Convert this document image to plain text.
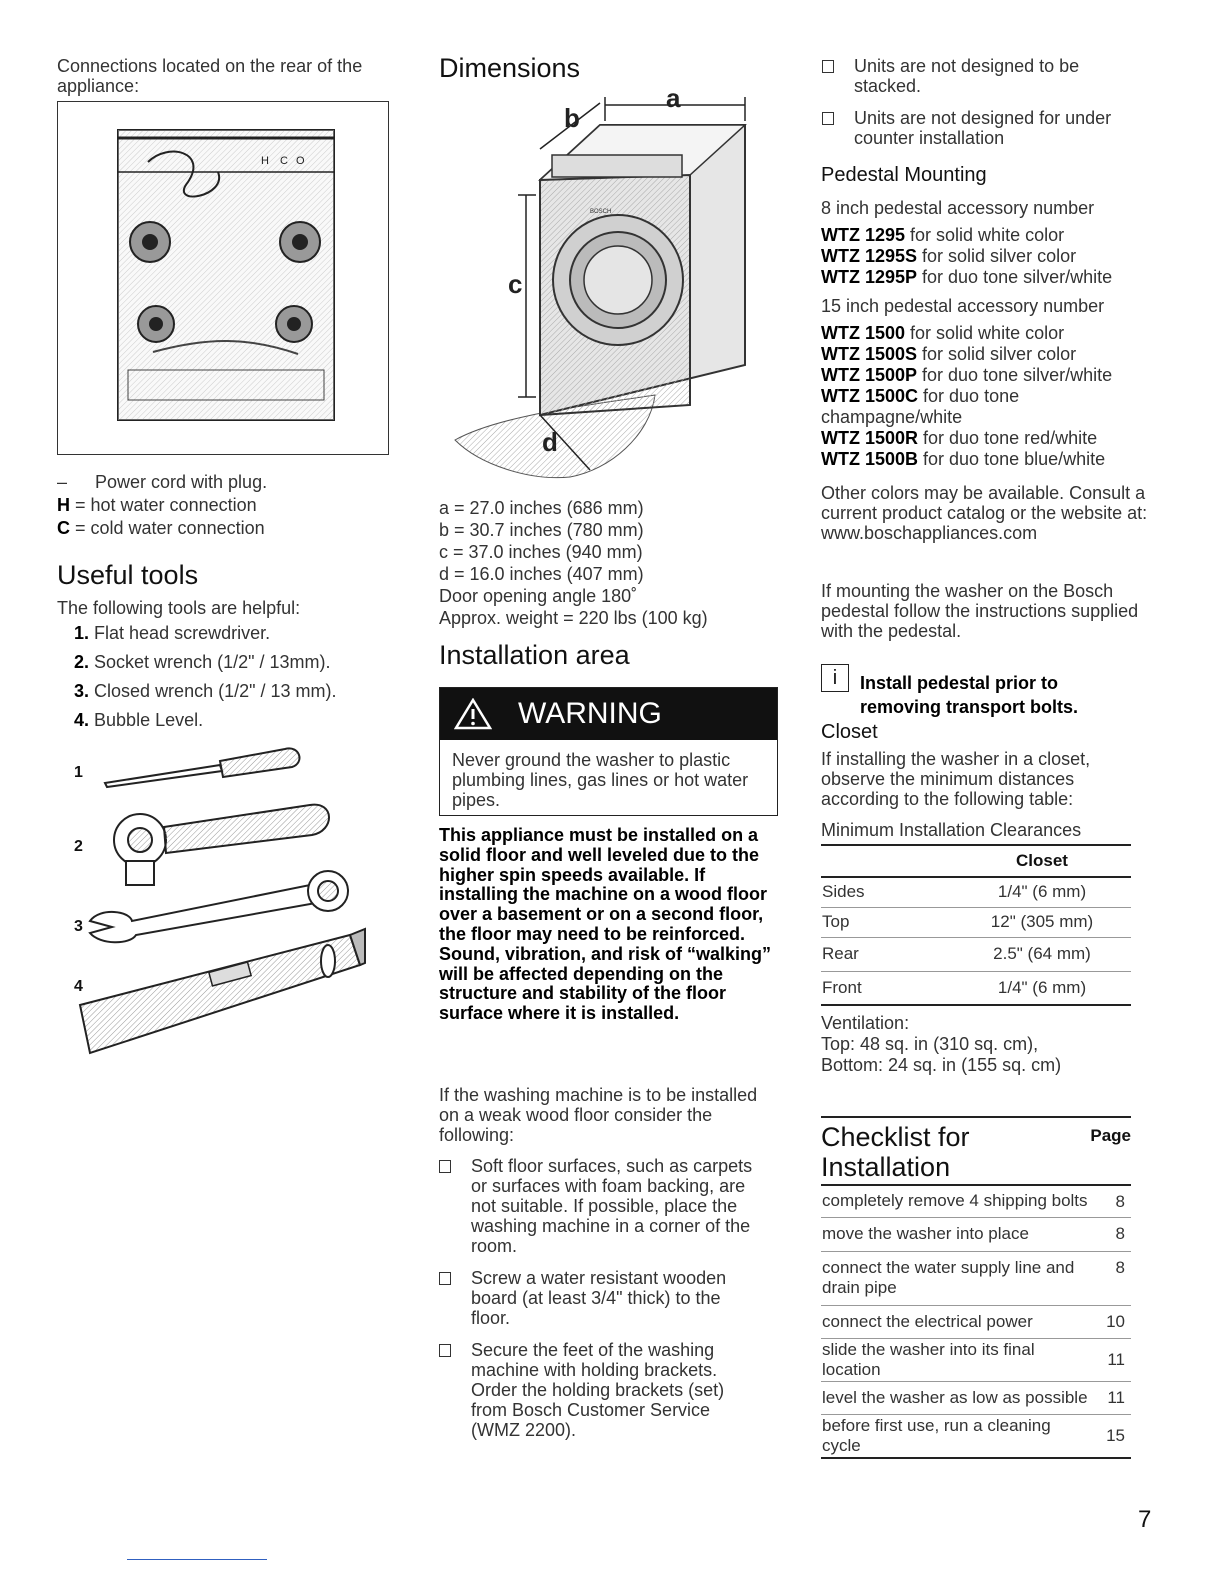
Connections located on the rear of the appliance:
H C O
– Power cord with plug.
H = hot water connection
C = cold water connection
Useful tools
The following tools are helpful:
1. Flat head screwdriver.
2. Socket wrench (1/2" / 13mm).
3. Closed wrench (1/2" / 13 mm).
4. Bubble Level.
1
2
3
4
Dimensions
BOSCH
a
b
c
d
a = 27.0 inches (686 mm)
b = 30.7 inches (780 mm)
c = 37.0 inches (940 mm)
d = 16.0 inches (407 mm)
Door opening angle 180˚
Approx. weight = 220 lbs (100 kg)
Installation area
WARNING
Never ground the washer to plastic plumbing lines, gas lines or hot water pipes.
This appliance must be installed on a solid floor and well leveled due to the higher spin speeds available. If installing the machine on a wood floor over a basement or on a second floor, the floor may need to be reinforced. Sound, vibration, and risk of “walking” will be affected depending on the structure and stability of the floor surface where it is installed.
If the washing machine is to be installed on a weak wood floor consider the following:
Soft floor surfaces, such as carpets or surfaces with foam backing, are not suitable. If possible, place the washing machine in a corner of the room.
Screw a water resistant wooden board (at least 3/4" thick) to the floor.
Secure the feet of the washing machine with holding brackets. Order the holding brackets (set) from Bosch Customer Service (WMZ 2200).
Units are not designed to be stacked.
Units are not designed for under counter installation
Pedestal Mounting
8 inch pedestal accessory number
WTZ 1295 for solid white color
WTZ 1295S for solid silver color
WTZ 1295P for duo tone silver/white
15 inch pedestal accessory number
WTZ 1500 for solid white color
WTZ 1500S for solid silver color
WTZ 1500P for duo tone silver/white
WTZ 1500C for duo tone champagne/white
WTZ 1500R for duo tone red/white
WTZ 1500B for duo tone blue/white
Other colors may be available. Consult a current product catalog or the website at: www.boschappliances.com
If mounting the washer on the Bosch pedestal follow the instructions supplied with the pedestal.
i	Install pedestal prior to removing transport bolts.
Closet
If installing the washer in a closet, observe the minimum distances according to the following table:
Minimum Installation Clearances
	Closet
Sides	1/4" (6 mm)
Top	12" (305 mm)
Rear	2.5" (64 mm)
Front	1/4" (6 mm)
Ventilation:
Top: 48 sq. in (310 sq. cm),
Bottom: 24 sq. in (155 sq. cm)
Checklist for
Installation
Page
completely remove 4 shipping bolts	8
move the washer into place	8
connect the water supply line and drain pipe	8
connect the electrical power	10
slide the washer into its final location	11
level the washer as low as possible	11
before first use, run a cleaning cycle	15
7
